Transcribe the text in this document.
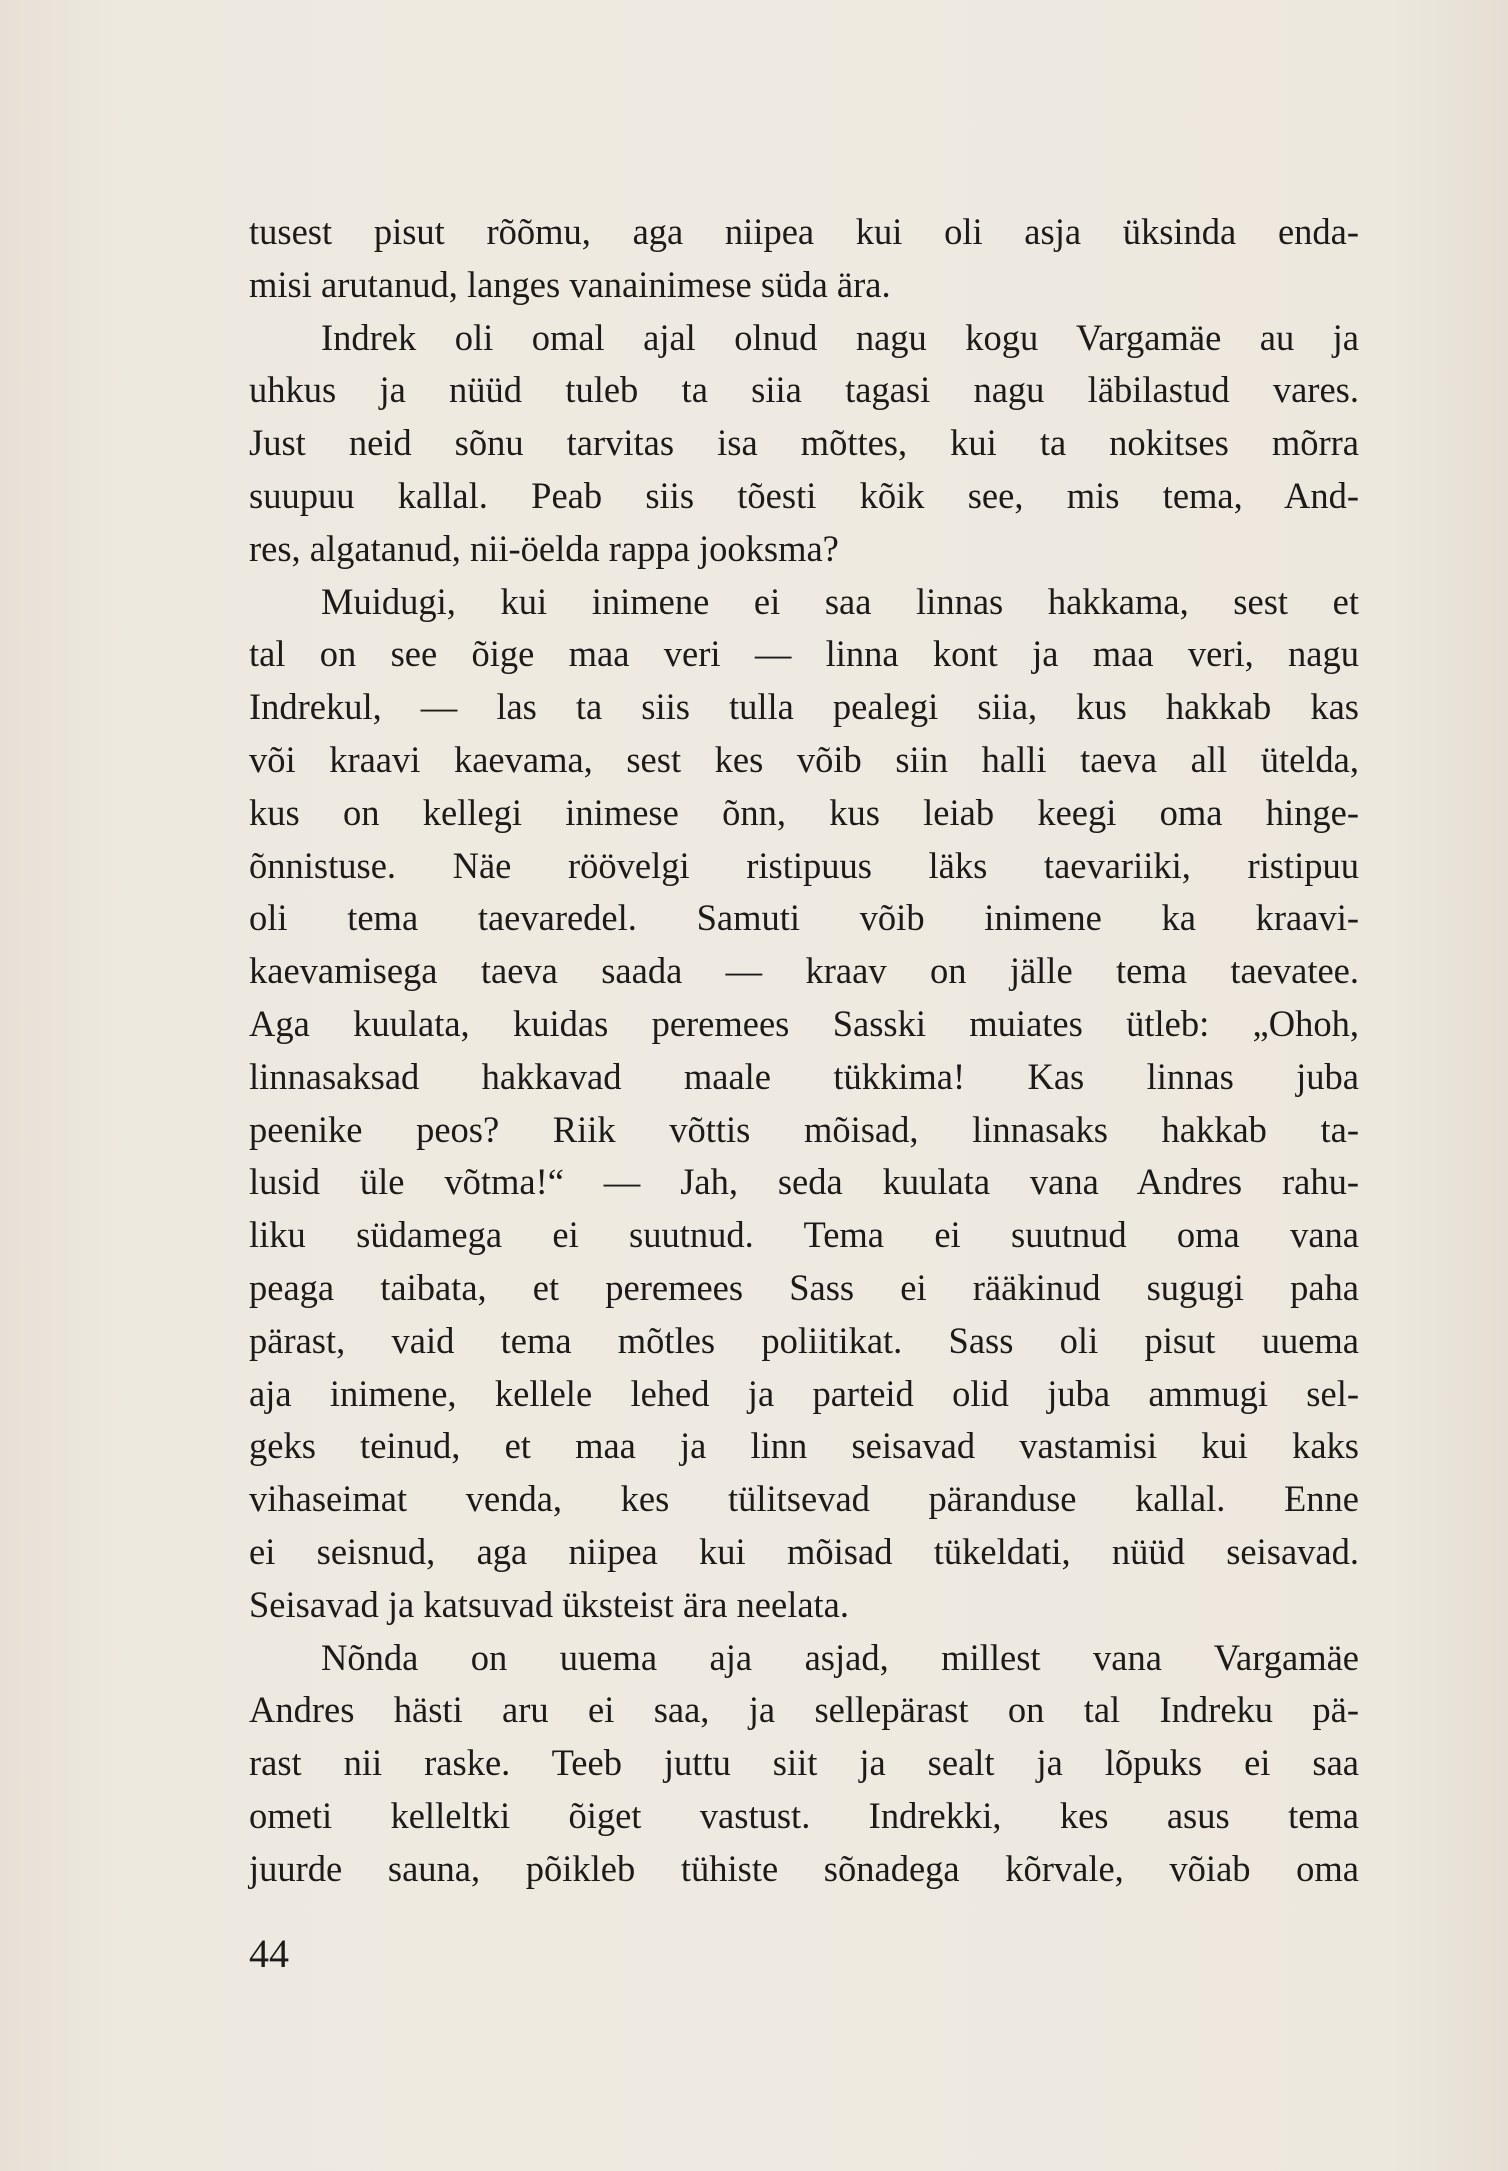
tusest pisut rõõmu, aga niipea kui oli asja üksinda enda-
misi arutanud, langes vanainimese süda ära.
Indrek oli omal ajal olnud nagu kogu Vargamäe au ja
uhkus ja nüüd tuleb ta siia tagasi nagu läbilastud vares.
Just neid sõnu tarvitas isa mõttes, kui ta nokitses mõrra
suupuu kallal. Peab siis tõesti kõik see, mis tema, And-
res, algatanud, nii-öelda rappa jooksma?
Muidugi, kui inimene ei saa linnas hakkama, sest et
tal on see õige maa veri — linna kont ja maa veri, nagu
Indrekul, — las ta siis tulla pealegi siia, kus hakkab kas
või kraavi kaevama, sest kes võib siin halli taeva all ütelda,
kus on kellegi inimese õnn, kus leiab keegi oma hinge-
õnnistuse. Näe röövelgi ristipuus läks taevariiki, ristipuu
oli tema taevaredel. Samuti võib inimene ka kraavi-
kaevamisega taeva saada — kraav on jälle tema taevatee.
Aga kuulata, kuidas peremees Sasski muiates ütleb: „Ohoh,
linnasaksad hakkavad maale tükkima! Kas linnas juba
peenike peos? Riik võttis mõisad, linnasaks hakkab ta-
lusid üle võtma!“ — Jah, seda kuulata vana Andres rahu-
liku südamega ei suutnud. Tema ei suutnud oma vana
peaga taibata, et peremees Sass ei rääkinud sugugi paha
pärast, vaid tema mõtles poliitikat. Sass oli pisut uuema
aja inimene, kellele lehed ja parteid olid juba ammugi sel-
geks teinud, et maa ja linn seisavad vastamisi kui kaks
vihaseimat venda, kes tülitsevad päranduse kallal. Enne
ei seisnud, aga niipea kui mõisad tükeldati, nüüd seisavad.
Seisavad ja katsuvad üksteist ära neelata.
Nõnda on uuema aja asjad, millest vana Vargamäe
Andres hästi aru ei saa, ja sellepärast on tal Indreku pä-
rast nii raske. Teeb juttu siit ja sealt ja lõpuks ei saa
ometi kelleltki õiget vastust. Indrekki, kes asus tema
juurde sauna, põikleb tühiste sõnadega kõrvale, võiab oma
44
